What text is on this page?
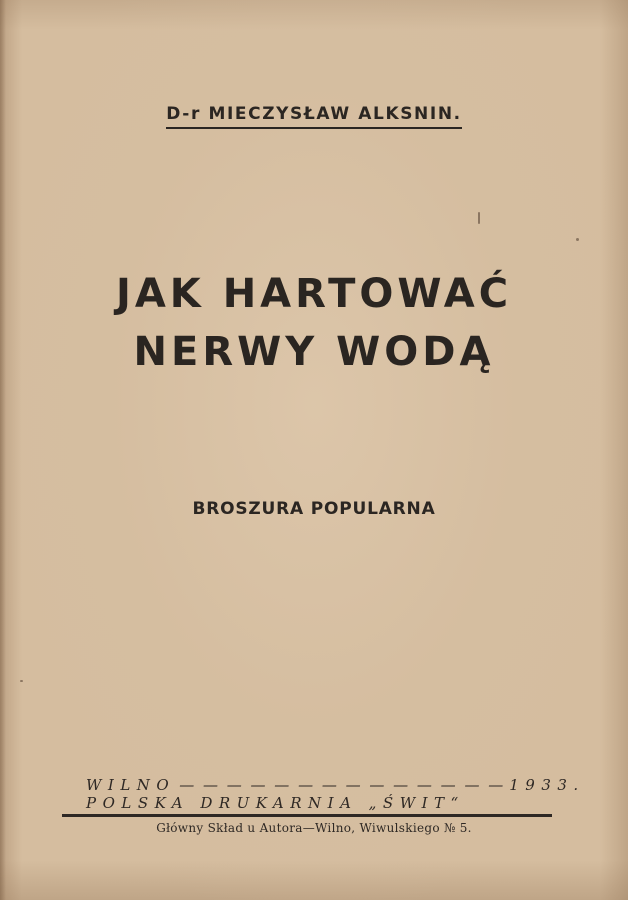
D-r MIECZYSŁAW ALKSNIN.
JAK HARTOWAĆ
NERWY WODĄ
BROSZURA POPULARNA
WILNO — — — — — — — — — — — — — — 1933.
POLSKA DRUKARNIA „ŚWIT“
Główny Skład u Autora—Wilno, Wiwulskiego № 5.
